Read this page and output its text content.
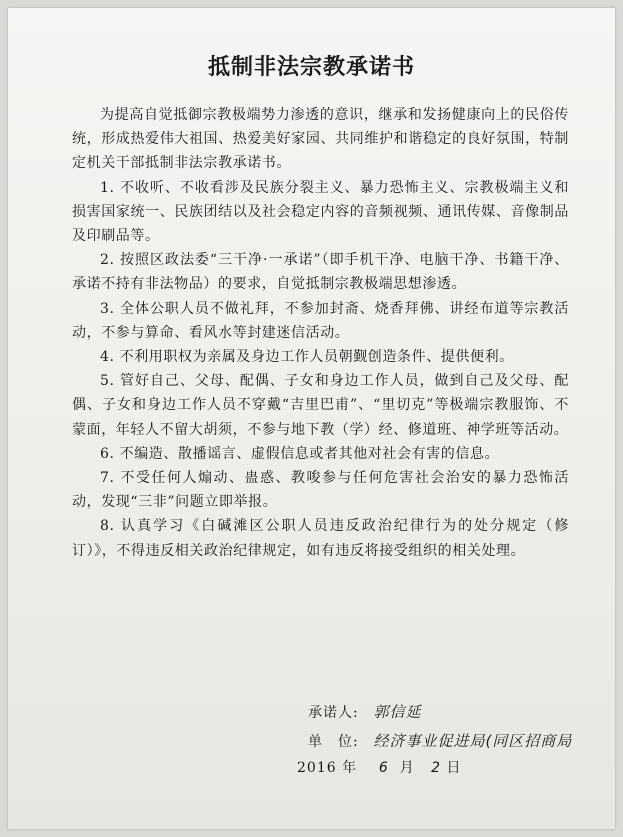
抵制非法宗教承诺书

为提高自觉抵御宗教极端势力渗透的意识，继承和发扬健康向上的民俗传统，形成热爱伟大祖国、热爱美好家园、共同维护和谐稳定的良好氛围，特制定机关干部抵制非法宗教承诺书。

1. 不收听、不收看涉及民族分裂主义、暴力恐怖主义、宗教极端主义和损害国家统一、民族团结以及社会稳定内容的音频视频、通讯传媒、音像制品及印刷品等。

2. 按照区政法委“三干净·一承诺”（即手机干净、电脑干净、书籍干净、承诺不持有非法物品）的要求，自觉抵制宗教极端思想渗透。

3. 全体公职人员不做礼拜，不参加封斋、烧香拜佛、讲经布道等宗教活动，不参与算命、看风水等封建迷信活动。

4. 不利用职权为亲属及身边工作人员朝觐创造条件、提供便利。

5. 管好自己、父母、配偶、子女和身边工作人员，做到自己及父母、配偶、子女和身边工作人员不穿戴“吉里巴甫”、“里切克”等极端宗教服饰、不蒙面，年轻人不留大胡须，不参与地下教（学）经、修道班、神学班等活动。

6. 不编造、散播谣言、虚假信息或者其他对社会有害的信息。

7. 不受任何人煽动、蛊惑、教唆参与任何危害社会治安的暴力恐怖活动，发现“三非”问题立即举报。

8. 认真学习《白碱滩区公职人员违反政治纪律行为的处分规定（修订）》，不得违反相关政治纪律规定，如有违反将接受组织的相关处理。

承诺人: 郭信延
单　位: 经济事业促进局(同区招商局
2016 年 6 月 2 日
